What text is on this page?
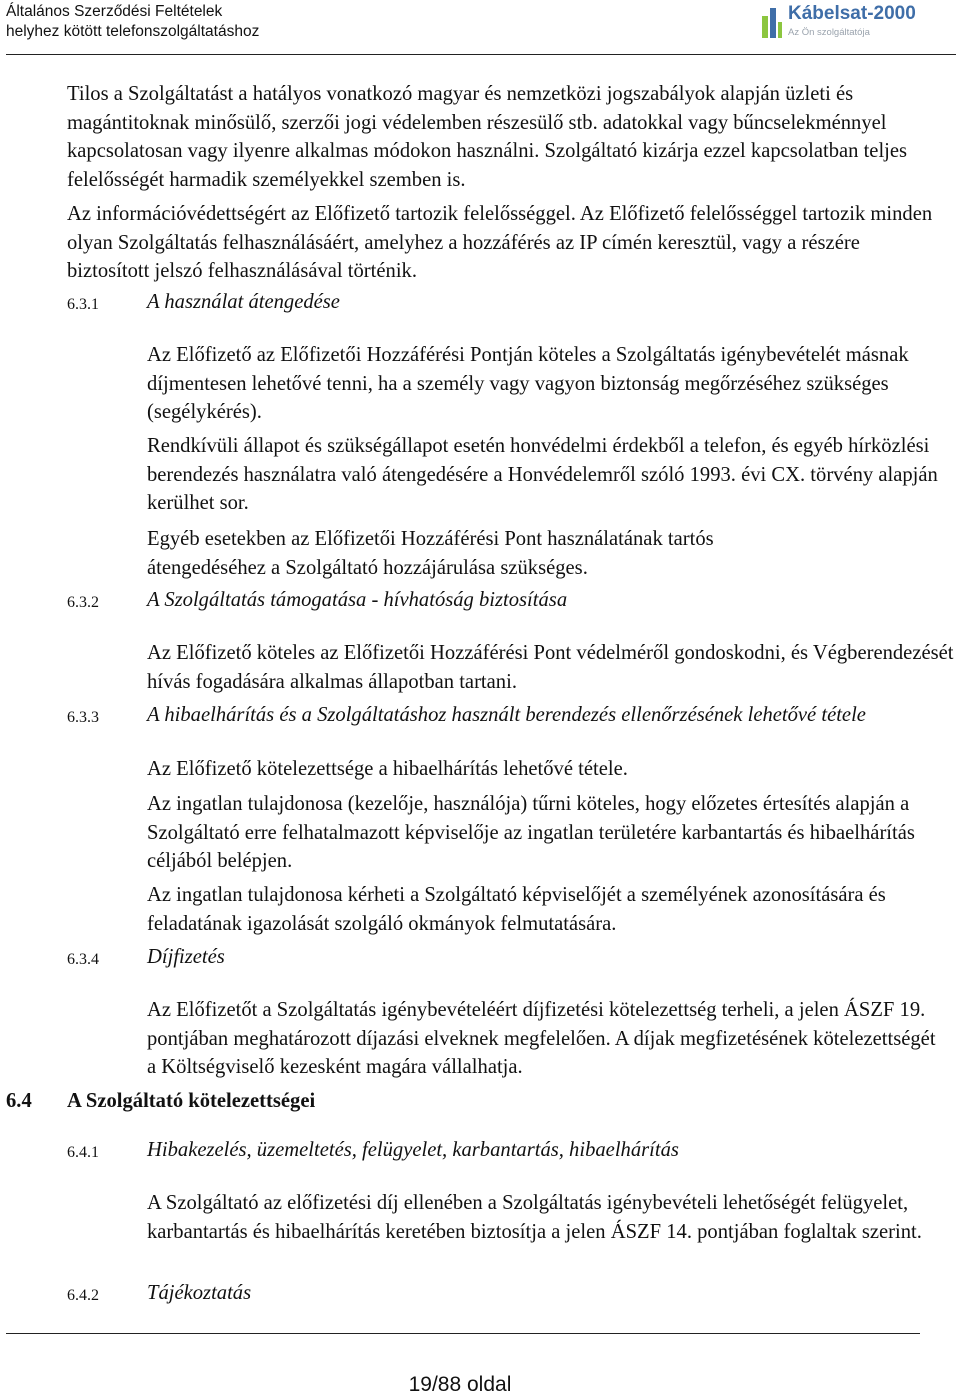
Általános Szerződési Feltételek
helyhez kötött telefonszolgáltatáshoz
Kábelsat-2000
Az Ön szolgáltatója

Tilos a Szolgáltatást a hatályos vonatkozó magyar és nemzetközi jogszabályok alapján üzleti és magántitoknak minősülő, szerzői jogi védelemben részesülő stb. adatokkal vagy bűncselekménnyel kapcsolatosan vagy ilyenre alkalmas módokon használni. Szolgáltató kizárja ezzel kapcsolatban teljes felelősségét harmadik személyekkel szemben is.

Az információvédettségért az Előfizető tartozik felelősséggel. Az Előfizető felelősséggel tartozik minden olyan Szolgáltatás felhasználásáért, amelyhez a hozzáférés az IP címén keresztül, vagy a részére biztosított jelszó felhasználásával történik.

6.3.1 A használat átengedése

Az Előfizető az Előfizetői Hozzáférési Pontján köteles a Szolgáltatás igénybevételét másnak díjmentesen lehetővé tenni, ha a személy vagy vagyon biztonság megőrzéséhez szükséges (segélykérés).

Rendkívüli állapot és szükségállapot esetén honvédelmi érdekből a telefon, és egyéb hírközlési berendezés használatra való átengedésére a Honvédelemről szóló 1993. évi CX. törvény alapján kerülhet sor.

Egyéb esetekben az Előfizetői Hozzáférési Pont használatának tartós átengedéséhez a Szolgáltató hozzájárulása szükséges.

6.3.2 A Szolgáltatás támogatása - hívhatóság biztosítása

Az Előfizető köteles az Előfizetői Hozzáférési Pont védelméről gondoskodni, és Végberendezését hívás fogadására alkalmas állapotban tartani.

6.3.3 A hibaelhárítás és a Szolgáltatáshoz használt berendezés ellenőrzésének lehetővé tétele

Az Előfizető kötelezettsége a hibaelhárítás lehetővé tétele.

Az ingatlan tulajdonosa (kezelője, használója) tűrni köteles, hogy előzetes értesítés alapján a Szolgáltató erre felhatalmazott képviselője az ingatlan területére karbantartás és hibaelhárítás céljából belépjen.

Az ingatlan tulajdonosa kérheti a Szolgáltató képviselőjét a személyének azonosítására és feladatának igazolását szolgáló okmányok felmutatására.

6.3.4 Díjfizetés

Az Előfizetőt a Szolgáltatás igénybevételéért díjfizetési kötelezettség terheli, a jelen ÁSZF 19. pontjában meghatározott díjazási elveknek megfelelően. A díjak megfizetésének kötelezettségét a Költségviselő kezesként magára vállalhatja.

6.4 A Szolgáltató kötelezettségei
6.4.1 Hibakezelés, üzemeltetés, felügyelet, karbantartás, hibaelhárítás

A Szolgáltató az előfizetési díj ellenében a Szolgáltatás igénybevételi lehetőségét felügyelet, karbantartás és hibaelhárítás keretében biztosítja a jelen ÁSZF 14. pontjában foglaltak szerint.

6.4.2 Tájékoztatás
19/88 oldal
